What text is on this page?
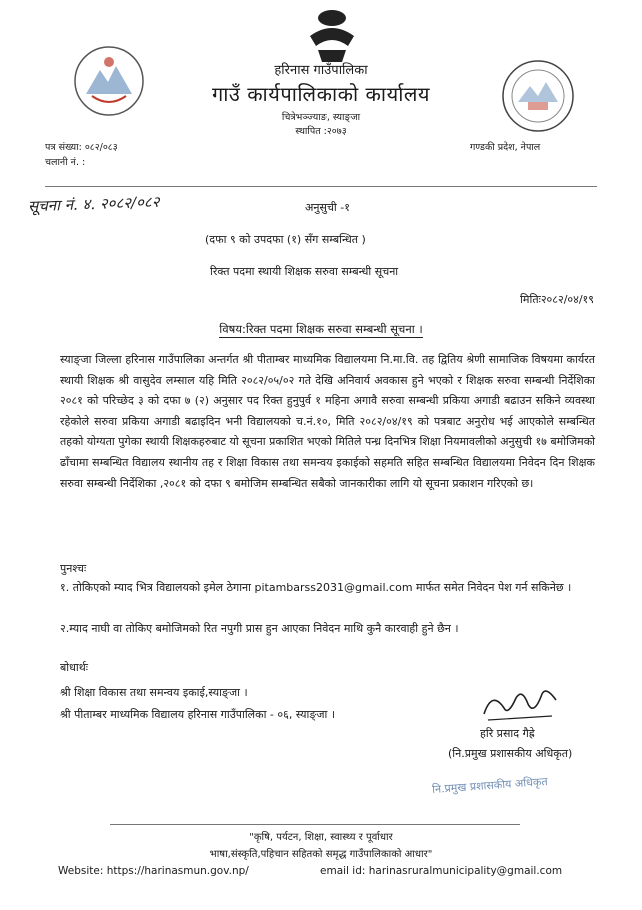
हरिनास गाउँपालिका
गाउँ कार्यपालिकाको कार्यालय
चित्रेभञ्ज्याङ, स्याङ्जा
स्थापित :२०७३
पत्र संख्या: ०८२/०८३
चलानी नं. :
गण्डकी प्रदेश, नेपाल
सूचना नं. ४. २०८२/०८२	अनुसुची -१
(दफा ९ को उपदफा (१) सँग सम्बन्धित )
रिक्त पदमा स्थायी शिक्षक सरुवा सम्बन्धी सूचना
मितिः२०८२/०४/१९
विषय:रिक्त पदमा शिक्षक सरुवा सम्बन्धी सूचना ।
स्याङ्जा जिल्ला हरिनास गाउँपालिका अन्तर्गत श्री पीताम्बर माध्यमिक विद्यालयमा नि.मा.वि. तह द्वितिय श्रेणी सामाजिक विषयमा कार्यरत स्थायी शिक्षक श्री वासुदेव लम्साल यहि मिति २०८२/०५/०२ गते देखि अनिवार्य अवकास हुने भएको र शिक्षक सरुवा सम्बन्धी निर्देशिका २०८१ को परिच्छेद ३ को दफा ७ (२) अनुसार पद रिक्त हुनुपुर्व १ महिना अगावै सरुवा सम्बन्धी प्रकिया अगाडी बढाउन सकिने व्यवस्था रहेकोले सरुवा प्रकिया अगाडी बढाइदिन भनी विद्यालयको च.नं.१०, मिति २०८२/०४/१९ को पत्रबाट अनुरोध भई आएकोले सम्बन्धित तहको योग्यता पुगेका स्थायी शिक्षकहरुबाट यो सूचना प्रकाशित भएको मितिले पन्ध्र दिनभित्र शिक्षा नियमावलीको अनुसुची १७ बमोजिमको ढाँचामा सम्बन्धित विद्यालय स्थानीय तह र शिक्षा विकास तथा समन्वय इकाईको सहमति सहित सम्बन्धित विद्यालयमा निवेदन दिन शिक्षक सरुवा सम्बन्धी निर्देशिका ,२०८१ को दफा ९ बमोजिम सम्बन्धित सबैको जानकारीका लागि यो सूचना प्रकाशन गरिएको छ।
पुनश्चः
१. तोकिएको म्याद भित्र विद्यालयको इमेल ठेगाना pitambarss2031@gmail.com मार्फत समेत निवेदन पेश गर्न सकिनेछ ।
२.म्याद नाघी वा तोकिए बमोजिमको रित नपुगी प्रास हुन आएका निवेदन माथि कुनै कारवाही हुने छैन ।
बोधार्थः
श्री शिक्षा विकास तथा समन्वय इकाई,स्याङ्जा ।
श्री पीताम्बर माध्यमिक विद्यालय हरिनास गाउँपालिका - ०६, स्याङ्जा ।
हरि प्रसाद गैह्रे
(नि.प्रमुख प्रशासकीय अधिकृत)
नि.प्रमुख प्रशासकीय अधिकृत
"कृषि, पर्यटन, शिक्षा, स्वास्थ्य र पूर्वाधार
भाषा,संस्कृति,पहिचान सहितको समृद्ध गाउँपालिकाको आधार"
Website: https://harinasmun.gov.np/	email id: harinasruralmunicipality@gmail.com
